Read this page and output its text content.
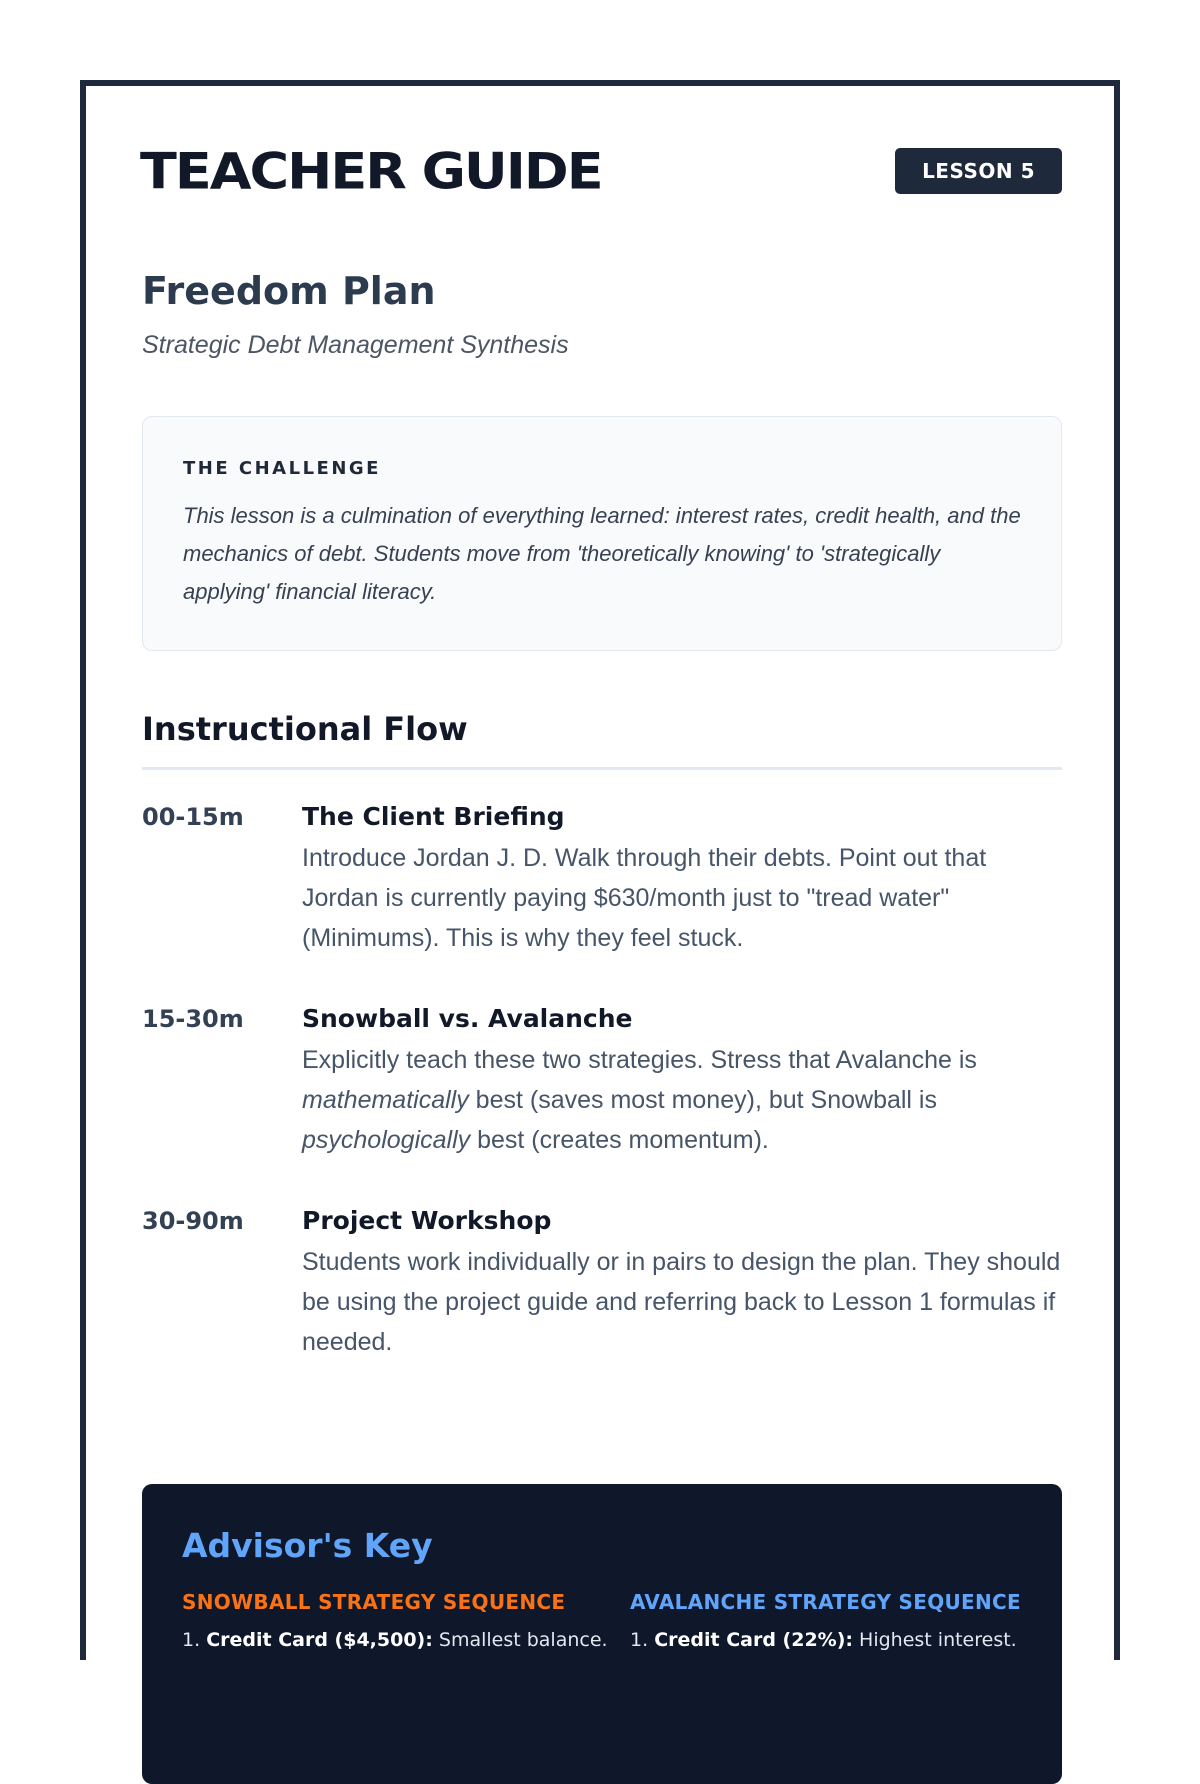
TEACHER GUIDE	LESSON 5
Freedom Plan
Strategic Debt Management Synthesis
THE CHALLENGE
This lesson is a culmination of everything learned: interest rates, credit health, and the mechanics of debt. Students move from 'theoretically knowing' to 'strategically applying' financial literacy.
Instructional Flow
00-15m	The Client Briefing
Introduce Jordan J. D. Walk through their debts. Point out that Jordan is currently paying $630/month just to "tread water" (Minimums). This is why they feel stuck.
15-30m	Snowball vs. Avalanche
Explicitly teach these two strategies. Stress that Avalanche is mathematically best (saves most money), but Snowball is psychologically best (creates momentum).
30-90m	Project Workshop
Students work individually or in pairs to design the plan. They should be using the project guide and referring back to Lesson 1 formulas if needed.
Advisor's Key
SNOWBALL STRATEGY SEQUENCE
1. Credit Card ($4,500): Smallest balance.
AVALANCHE STRATEGY SEQUENCE
1. Credit Card (22%): Highest interest.
